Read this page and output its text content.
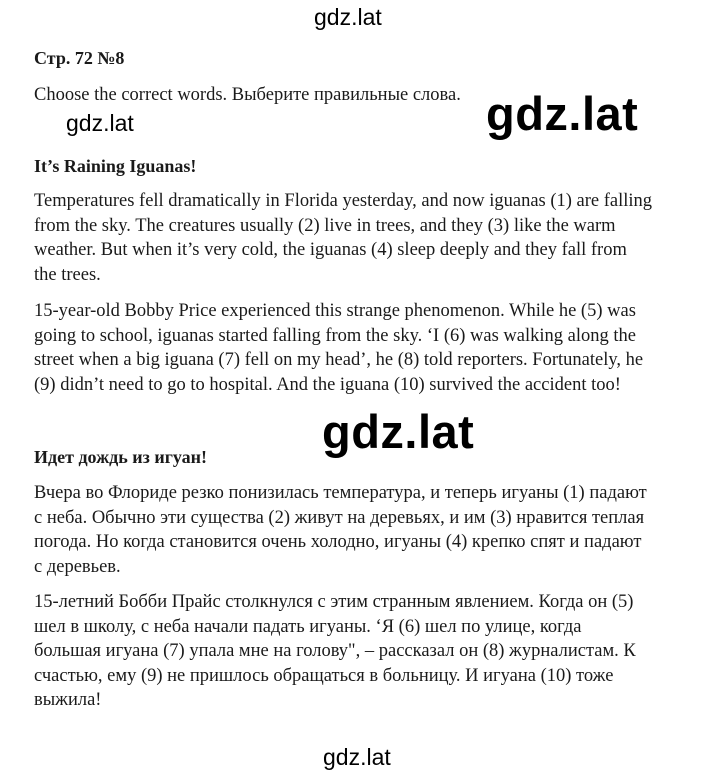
gdz.lat
gdz.lat	gdz.lat
gdz.lat
gdz.lat
Стр. 72 №8
Choose the correct words. Выберите правильные слова.
It’s Raining Iguanas!

Temperatures fell dramatically in Florida yesterday, and now iguanas (1) are falling
from the sky. The creatures usually (2) live in trees, and they (3) like the warm
weather. But when it’s very cold, the iguanas (4) sleep deeply and they fall from
the trees.

15-year-old Bobby Price experienced this strange phenomenon. While he (5) was
going to school, iguanas started falling from the sky. ‘I (6) was walking along the
street when a big iguana (7) fell on my head’, he (8) told reporters. Fortunately, he
(9) didn’t need to go to hospital. And the iguana (10) survived the accident too!

Идет дождь из игуан!

Вчера во Флориде резко понизилась температура, и теперь игуаны (1) падают
с неба. Обычно эти существа (2) живут на деревьях, и им (3) нравится теплая
погода. Но когда становится очень холодно, игуаны (4) крепко спят и падают
с деревьев.

15-летний Бобби Прайс столкнулся с этим странным явлением. Когда он (5)
шел в школу, с неба начали падать игуаны. ‘Я (6) шел по улице, когда
большая игуана (7) упала мне на голову", – рассказал он (8) журналистам. К
счастью, ему (9) не пришлось обращаться в больницу. И игуана (10) тоже
выжила!
